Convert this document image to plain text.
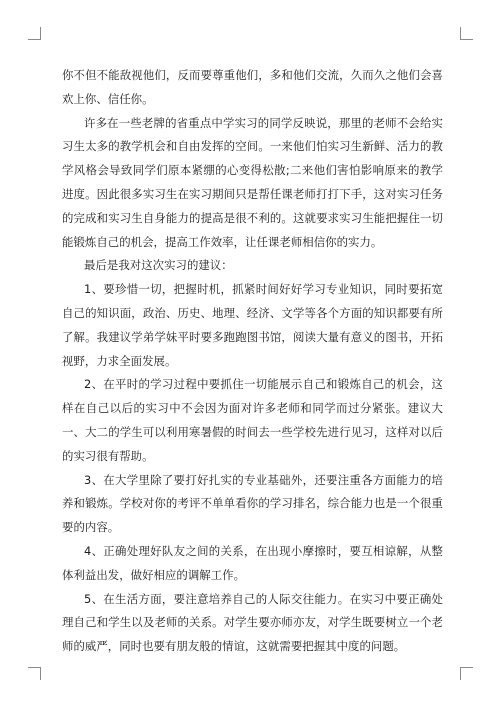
你不但不能敌视他们，反而要尊重他们，多和他们交流，久而久之他们会喜欢上你、信任你。

许多在一些老牌的省重点中学实习的同学反映说，那里的老师不会给实习生太多的教学机会和自由发挥的空间。一来他们怕实习生新鲜、活力的教学风格会导致同学们原本紧绷的心变得松散;二来他们害怕影响原来的教学进度。因此很多实习生在实习期间只是帮任课老师打打下手，这对实习任务的完成和实习生自身能力的提高是很不利的。这就要求实习生能把握住一切能锻炼自己的机会，提高工作效率，让任课老师相信你的实力。

最后是我对这次实习的建议：

1、要珍惜一切，把握时机，抓紧时间好好学习专业知识，同时要拓宽自己的知识面，政治、历史、地理、经济、文学等各个方面的知识都要有所了解。我建议学弟学妹平时要多跑跑图书馆，阅读大量有意义的图书，开拓视野，力求全面发展。

2、在平时的学习过程中要抓住一切能展示自己和锻炼自己的机会，这样在自己以后的实习中不会因为面对许多老师和同学而过分紧张。建议大一、大二的学生可以利用寒暑假的时间去一些学校先进行见习，这样对以后的实习很有帮助。

3、在大学里除了要打好扎实的专业基础外，还要注重各方面能力的培养和锻炼。学校对你的考评不单单看你的学习排名，综合能力也是一个很重要的内容。

4、正确处理好队友之间的关系，在出现小摩擦时，要互相谅解，从整体利益出发，做好相应的调解工作。

5、在生活方面，要注意培养自己的人际交往能力。在实习中要正确处理自己和学生以及老师的关系。对学生要亦师亦友，对学生既要树立一个老师的威严，同时也要有朋友般的情谊，这就需要把握其中度的问题。
